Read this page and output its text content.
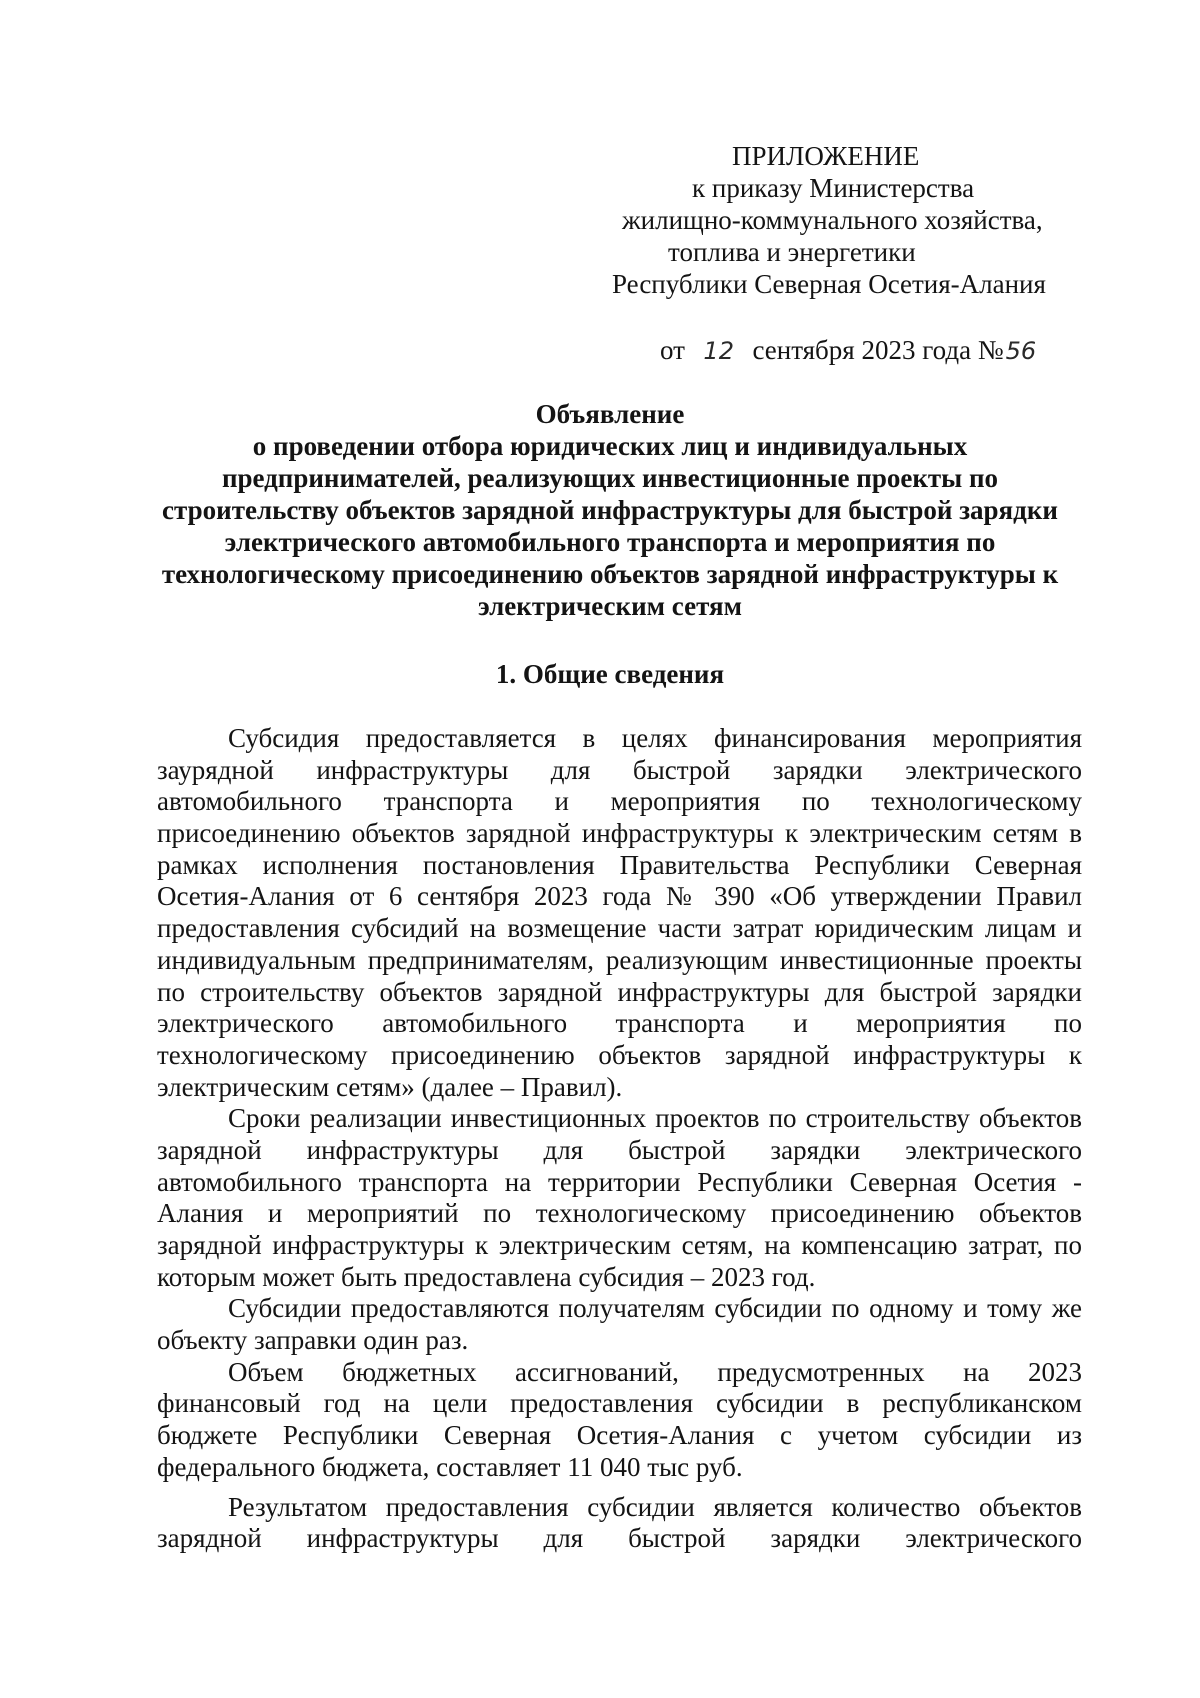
ПРИЛОЖЕНИЕ
к приказу Министерства
жилищно-коммунального хозяйства,
топлива и энергетики
Республики Северная Осетия-Алания
от 12 сентября 2023 года №56
Объявление
о проведении отбора юридических лиц и индивидуальных
предпринимателей, реализующих инвестиционные проекты по
строительству объектов зарядной инфраструктуры для быстрой зарядки
электрического автомобильного транспорта и мероприятия по
технологическому присоединению объектов зарядной инфраструктуры к
электрическим сетям
1. Общие сведения
Субсидия предоставляется в целях финансирования мероприятия
заурядной инфраструктуры для быстрой зарядки электрического
автомобильного транспорта и мероприятия по технологическому
присоединению объектов зарядной инфраструктуры к электрическим сетям в
рамках исполнения постановления Правительства Республики Северная
Осетия-Алания от 6 сентября 2023 года № 390 «Об утверждении Правил
предоставления субсидий на возмещение части затрат юридическим лицам и
индивидуальным предпринимателям, реализующим инвестиционные проекты
по строительству объектов зарядной инфраструктуры для быстрой зарядки
электрического автомобильного транспорта и мероприятия по
технологическому присоединению объектов зарядной инфраструктуры к
электрическим сетям» (далее – Правил).
Сроки реализации инвестиционных проектов по строительству объектов
зарядной инфраструктуры для быстрой зарядки электрического
автомобильного транспорта на территории Республики Северная Осетия -
Алания и мероприятий по технологическому присоединению объектов
зарядной инфраструктуры к электрическим сетям, на компенсацию затрат, по
которым может быть предоставлена субсидия – 2023 год.
Субсидии предоставляются получателям субсидии по одному и тому же
объекту заправки один раз.
Объем бюджетных ассигнований, предусмотренных на 2023
финансовый год на цели предоставления субсидии в республиканском
бюджете Республики Северная Осетия-Алания с учетом субсидии из
федерального бюджета, составляет 11 040 тыс руб.
Результатом предоставления субсидии является количество объектов
зарядной инфраструктуры для быстрой зарядки электрического
